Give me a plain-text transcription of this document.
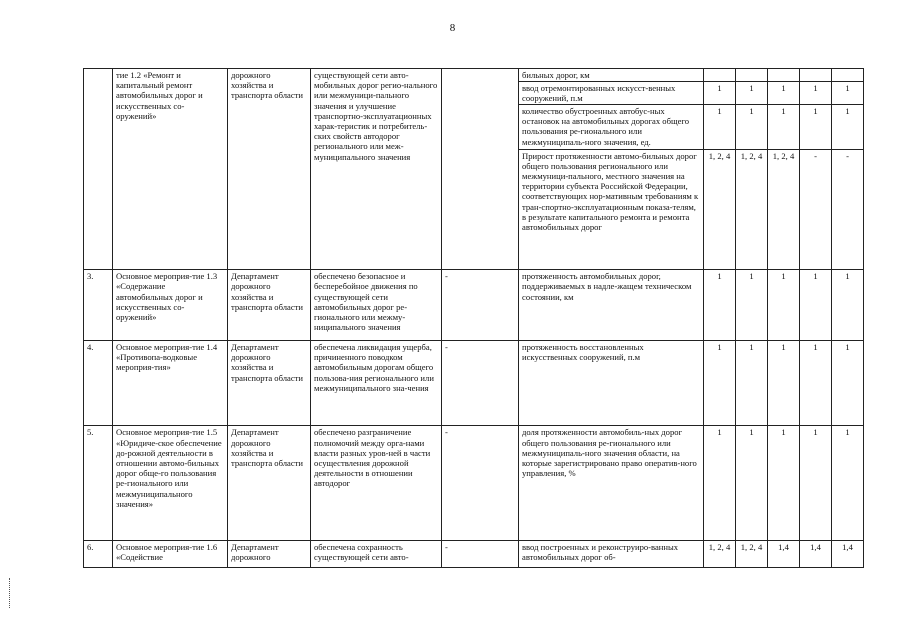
8
	тие 1.2 «Ремонт и капитальный ремонт автомобильных дорог и искусственных со-оружений»	дорожного хозяйства и транспорта области	существующей сети авто-мобильных дорог регио-нального или межмуници-пального значения и улучшение транспортно-эксплуатационных харак-теристик и потребитель-ских свойств автодорог регионального или меж-муниципального значения		бильных дорог, км					
					ввод отремонтированных искусст-венных сооружений, п.м	1	1	1	1	1
					количество обустроенных автобус-ных остановок на автомобильных дорогах общего пользования ре-гионального или межмуниципаль-ного значения, ед.	1	1	1	1	1
					Прирост протяженности автомо-бильных дорог общего пользования регионального или межмуници-пального, местного значения на территории субъекта Российской Федерации, соответствующих нор-мативным требованиям к тран-спортно-эксплуатационным показа-телям, в результате капитального ремонта и ремонта автомобильных дорог	1, 2, 4	1, 2, 4	1, 2, 4	-	-
3.	Основное мероприя-тие 1.3 «Содержание автомобильных дорог и искусственных со-оружений»	Департамент дорожного хозяйства и транспорта области	обеспечено безопасное и бесперебойное движения по существующей сети автомобильных дорог ре-гионального или межму-ниципального значения	-	протяженность автомобильных дорог, поддерживаемых в надле-жащем техническом состоянии, км	1	1	1	1	1
4.	Основное мероприя-тие 1.4 «Противопа-водковые мероприя-тия»	Департамент дорожного хозяйства и транспорта области	обеспечена ликвидация ущерба, причиненного поводком автомобильным дорогам общего пользова-ния регионального или межмуниципального зна-чения	-	протяженность восстановленных искусственных сооружений, п.м	1	1	1	1	1
5.	Основное мероприя-тие 1.5 «Юридиче-ское обеспечение до-рожной деятельности в отношении автомо-бильных дорог обще-го пользования ре-гионального или межмуниципального значения»	Департамент дорожного хозяйства и транспорта области	обеспечено разграничение полномочий между орга-нами власти разных уров-ней в части осуществления дорожной деятельности в отношении автодорог	-	доля протяженности автомобиль-ных дорог общего пользования ре-гионального или межмуниципаль-ного значения области, на которые зарегистрировано право оператив-ного управления, %	1	1	1	1	1
6.	Основное мероприя-тие 1.6 «Содействие	Департамент дорожного	обеспечена сохранность существующей сети авто-	-	ввод построенных и реконструиро-ванных автомобильных дорог об-	1, 2, 4	1, 2, 4	1,4	1,4	1,4
